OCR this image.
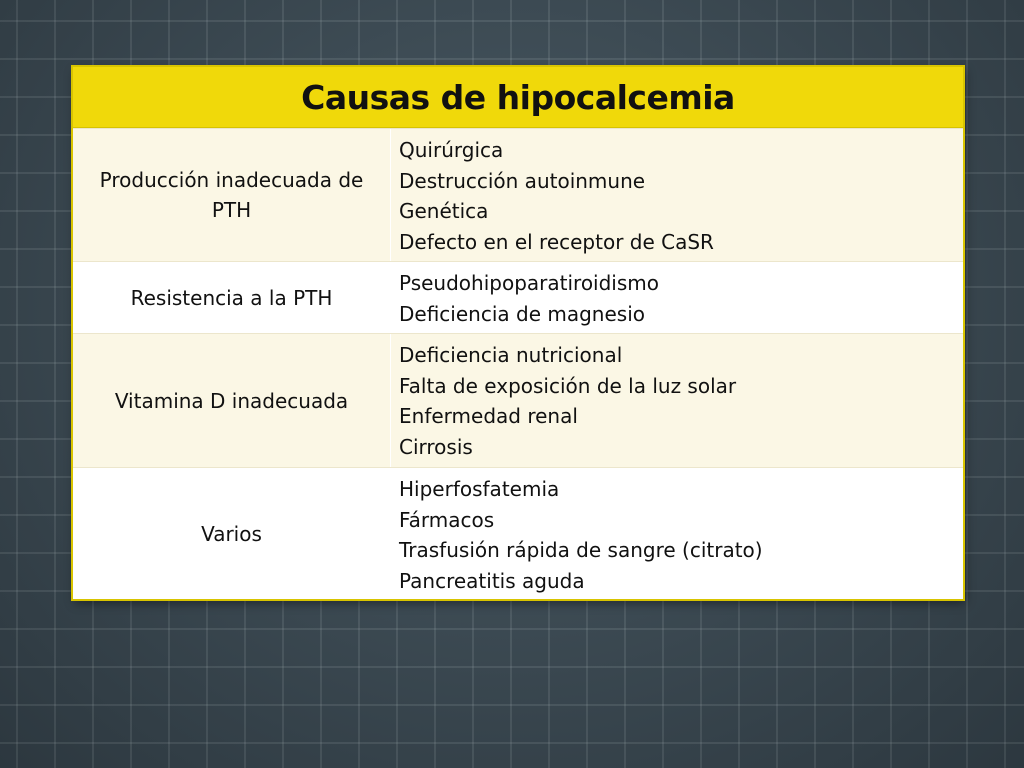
Causas de hipocalcemia
Producción inadecuada de PTH
Quirúrgica
Destrucción autoinmune
Genética
Defecto en el receptor de CaSR
Resistencia a la PTH
Pseudohipoparatiroidismo
Deficiencia de magnesio
Vitamina D inadecuada
Deficiencia nutricional
Falta de exposición de la luz solar
Enfermedad renal
Cirrosis
Varios
Hiperfosfatemia
Fármacos
Trasfusión rápida de sangre (citrato)
Pancreatitis aguda
